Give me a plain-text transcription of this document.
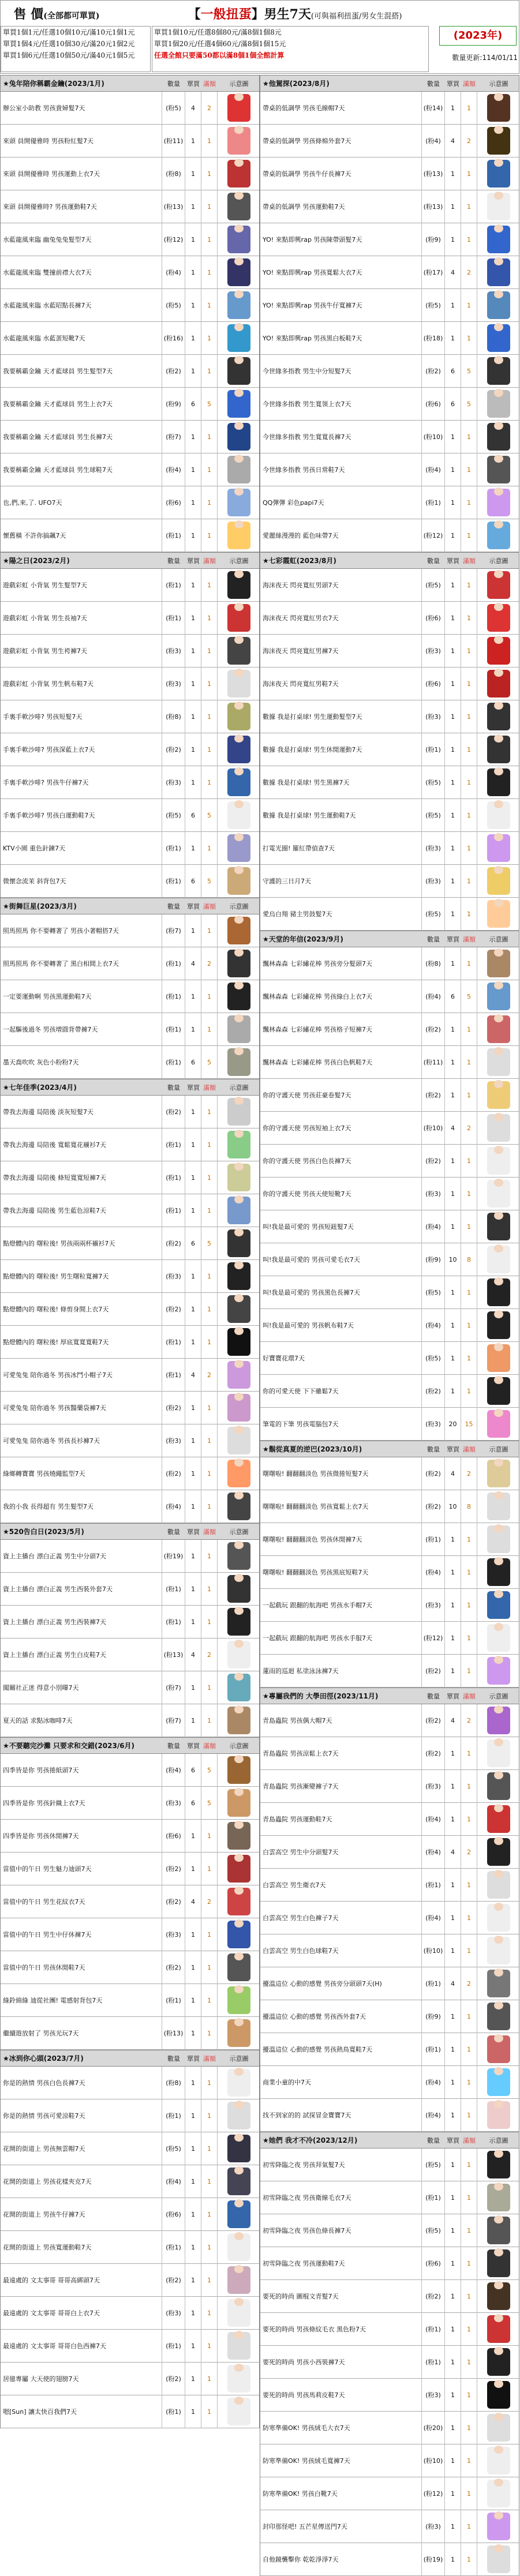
售 價(全部都可單買)	【一般扭蛋】男生7天(可與福利扭蛋/男女生混搭)
單買1個1元/任選10個10元/滿10元1個1元
單買1個4元/任選10個30元/滿20元1個2元
單買1個6元/任選10個50元/滿40元1個5元
單買1個10元/任選8個80元/滿8個1個8元
單買1個20元/任選4個60元/滿8個1個15元
任選全館只要滿50都以滿8個1個全館計算
(2023年)
數量更新:114/01/11
★兔年陪你稱霸金鑰(2023/1月)	數量	單買 滿額	示意圖
辦公室小助教 男孩貴婦髮7天	(粉5)	4	2
來頭 員開優雅時 男孩粉紅髮7天	(粉11)	1	1
來頭 員開優雅時 男孩運動上衣7天	(粉8)	1	1
來頭 員開優雅時? 男孩運動鞋7天	(粉13)	1	1
水藍龍風來臨 幽兔兔兔髮型7天	(粉12)	1	1
水藍龍風來臨 雙撞前襟大衣7天	(粉4)	1	1
水藍龍風來臨 水藍昭點長褲7天	(粉5)	1	1
水藍龍風來臨 水藍蛋短靴7天	(粉16)	1	1
我要稱霸金鑰 天才藍球員 男生髮型7天	(粉2)	1	1
我要稱霸金鑰 天才藍球員 男生上衣7天	(粉9)	6	5
我要稱霸金鑰 天才藍球員 男生長褲7天	(粉7)	1	1
我要稱霸金鑰 天才藍球員 男生球鞋7天	(粉4)	1	1
也,們,來,了. UFO7天	(粉6)	1	1
懷舊橫 不許你搞飆7天	(粉1)	1	1
★陽之日(2023/2月)	數量	單買 滿額	示意圖
遊戲彩虹 小背氣 男生髮型7天	(粉1)	1	1
遊戲彩虹 小背氣 男生長袖7天	(粉1)	1	1
遊戲彩虹 小背氣 男生袴褲7天	(粉3)	1	1
遊戲彩虹 小背氣 男生帆布鞋7天	(粉3)	1	1
手裏手軟沙啡? 男孩短髮7天	(粉8)	1	1
手裏手軟沙啡? 男孩深藍上衣7天	(粉2)	1	1
手裏手軟沙啡? 男孩牛仔褲7天	(粉3)	1	1
手裏手軟沙啡? 男孩白運動鞋7天	(粉5)	6	5
KTV小園 重色針鍊7天	(粉1)	1	1
微懷念流茉 斜背包7天	(粉1)	6	5
★街舞巨星(2023/3月)	數量	單買 滿額	示意圖
照馬照馬 你不要轉著了 男孩小著帽搭7天	(粉7)	1	1
照馬照馬 你不要轉著了 黑白相間上衣7天	(粉1)	4	2
一定要運動啊 男孩黑運動鞋7天	(粉1)	1	1
一起驅後過冬 男孩增圓背帶褲7天	(粉1)	1	1
墨天喬吹吹 灰色小粉粉7天	(粉1)	6	5
★七年佳季(2023/4月)	數量	單買 滿額	示意圖
帶我去海邊 局陪後 淡灰短髮7天	(粉2)	1	1
帶我去海邊 局陪後 寬鬆寬花襯衫7天	(粉1)	1	1
帶我去海邊 局陪後 條短寬寬短褲7天	(粉1)	1	1
帶我去海邊 局陪後 男生藍色涼鞋7天	(粉1)	1	1
點燈體內的 曙粒後! 男孩兩兩杯襯衫7天	(粉2)	6	5
點燈體內的 曙粒後! 男生曙粒寬褲7天	(粉3)	1	1
點燈體內的 曙粒後! 條剪身間上衣7天	(粉2)	1	1
點燈體內的 曙粒後! 厚底寬寬寬鞋7天	(粉1)	1	1
可愛兔兔 陪你過冬 男孩冰鬥小帽子7天	(粉1)	4	2
可愛兔兔 陪你過冬 男孩醫藥袋褲7天	(粉2)	1	1
可愛兔兔 陪你過冬 男孩長衫褲7天	(粉3)	1	1
綠鄉轉寶寶 男孩燒繩監型7天	(粉2)	1	1
我的小我 長得超有 男生髮型7天	(粉4)	1	1
★520告白日(2023/5月)	數量	單買 滿額	示意圖
資上主播台 漂白正義 男生中分頭7天	(粉19)	1	1
資上主播台 漂白正義 男生西裝外套7天	(粉1)	1	1
資上主播台 漂白正義 男生西裝褲7天	(粉1)	1	1
資上主播台 漂白正義 男生白皮鞋7天	(粉13)	4	2
闖關社正迷 得意小別曝7天	(粉7)	1	1
夏天的話 求點冰咖啡7天	(粉7)	1	1
★不要聽完沙灘 只要求和交錯(2023/6月)	數量	單買 滿額	示意圖
四季皆是你 男孩捲紙頭7天	(粉4)	6	5
四季皆是你 男孩針織上衣7天	(粉3)	6	5
四季皆是你 男孩休閒褲7天	(粉6)	1	1
當值中的午日 男生魅力迪頭7天	(粉2)	1	1
當值中的午日 男生花紋衣7天	(粉2)	4	2
當值中的午日 男生中仔休褲7天	(粉3)	1	1
當值中的午日 男孩休閒鞋7天	(粉2)	1	1
綠鈴綿綠 迪從社團! 電感射背包7天	(粉1)	1	1
繼續遊放射了 男孩光玩7天	(粉13)	1	1
★冰到你心頭(2023/7月)	數量	單買 滿額	示意圖
你是的熱情 男孩白色長褲7天	(粉8)	1	1
你是的熱情 男孩可愛涼鞋7天	(粉1)	1	1
花開的街道上 男孩無雲帽7天	(粉5)	1	1
花開的街道上 男孩花樣夾克7天	(粉4)	1	1
花開的街道上 男孩牛仔褲7天	(粉6)	1	1
花開的街道上 男孩寬運動鞋7天	(粉1)	1	1
最遠處的 文太事哥 哥哥高綁頭7天	(粉2)	1	1
最遠處的 文太事哥 哥哥白上衣7天	(粉3)	1	1
最遠處的 文太事哥 哥哥白色西褲7天	(粉1)	1	1
居億專屬 大天使的翅膀7天	(粉2)	1	1
嗯[Sun] 讓太快百我們7天	(粉1)	1	1
★他駕探(2023/8月)	數量	單買 滿額	示意圖
帶桌的低調學 男孩毛線帽7天	(粉14)	1	1
帶桌的低調學 男孩條棉外套7天	(粉4)	4	2
帶桌的低調學 男孩牛仔長褲7天	(粉13)	1	1
帶桌的低調學 男孩運動鞋7天	(粉13)	1	1
YO! 來點即興rap 男孩陳帶頭髮7天	(粉9)	1	1
YO! 來點即興rap 男孩寬鬆大衣7天	(粉17)	4	2
YO! 來點即興rap 男孩牛仔寬褲7天	(粉5)	1	1
YO! 來點即興rap 男孩黑白板鞋7天	(粉18)	1	1
今世緣多指教 男生中分短髮7天	(粉2)	6	5
今世緣多指教 男生寬領上衣7天	(粉6)	6	5
今世緣多指教 男生寬寬長褲7天	(粉10)	1	1
今世緣多指教 男孩日常鞋7天	(粉4)	1	1
QQ彈彈 彩色papi7天	(粉1)	1	1
愛麗絲漫漫的 藍色味帶7天	(粉12)	1	1
★七彩霞虹(2023/8月)	數量	單買 滿額	示意圖
海沫夜天 閃亮寬紅男頭7天	(粉5)	1	1
海沫夜天 閃亮寬紅男衣7天	(粉6)	1	1
海沫夜天 閃亮寬紅男褲7天	(粉3)	1	1
海沫夜天 閃亮寬紅男鞋7天	(粉6)	1	1
數據 我是打桌球! 男生運動髮型7天	(粉3)	1	1
數據 我是打桌球! 男生休閒運動7天	(粉1)	1	1
數據 我是打桌球! 男生黑褲7天	(粉5)	1	1
數據 我是打桌球! 男生運動鞋7天	(粉5)	1	1
打電光圈! 羅紅帶偵查7天	(粉3)	1	1
守護的三日月7天	(粉3)	1	1
愛烏白翔 豬主男鼓髮7天	(粉5)	1	1
★天堂的年信(2023/9月)	數量	單買 滿額	示意圖
飄林森森 七彩繡花棒 男孩旁分髮頭7天	(粉8)	1	1
飄林森森 七彩繡花棒 男孩綠白上衣7天	(粉4)	6	5
飄林森森 七彩繡花棒 男孩格子短褲7天	(粉2)	1	1
飄林森森 七彩繡花棒 男孩白色帆鞋7天	(粉11)	1	1
你的守護天使 男孩莊豪卷髮7天	(粉2)	1	1
你的守護天使 男孩短袖上衣7天	(粉10)	4	2
你的守護天使 男孩白色長褲7天	(粉2)	1	1
你的守護天使 男孩天使短靴7天	(粉3)	1	1
叫!我是最可愛的 男孩短鈕髮7天	(粉4)	1	1
叫!我是最可愛的 男孩可愛毛衣7天	(粉9)	10	8
叫!我是最可愛的 男孩黑色長褲7天	(粉5)	1	1
叫!我是最可愛的 男孩帆布鞋7天	(粉4)	1	1
好寶寶花環7天	(粉5)	1	1
你的可愛天使 下下雖鬆7天	(粉2)	1	1
筆電的下筆 男孩電腦包7天	(粉3)	20	15
★鬍從真夏的逆巴(2023/10月)	數量	單買 滿額	示意圖
曙曙啦! 翻翻翻淡色 男孩微捲短髮7天	(粉2)	4	2
曙曙啦! 翻翻翻淡色 男孩寬鬆上衣7天	(粉2)	10	8
曙曙啦! 翻翻翻淡色 男孩休閒褲7天	(粉1)	1	1
曙曙啦! 翻翻翻淡色 男孩黑底短鞋7天	(粉4)	1	1
一起戲玩 跟翻的航海吧 男孩水手帽7天	(粉3)	1	1
一起戲玩 跟翻的航海吧 男孩水手服7天	(粉12)	1	1
蓮雨的巡迴 私塗泳泳褲7天	(粉2)	1	1
★專屬我們的 大學田徑(2023/11月)	數量	單買 滿額	示意圖
青島蟲院 男孩偶大帽7天	(粉2)	4	2
青島蟲院 男孩涼鬆上衣7天	(粉2)	1	1
青島蟲院 男孩漸變褲子7天	(粉3)	1	1
青島蟲院 男孩運動鞋7天	(粉4)	1	1
白雲高空 男生中分頭髮7天	(粉4)	4	2
白雲高空 男生衛衣7天	(粉1)	1	1
白雲高空 男生白色褲子7天	(粉4)	1	1
白雲高空 男生白色球鞋7天	(粉10)	1	1
擾溫這位 心動的感覺 男孩旁分頭頭7天(H)	(粉1)	4	2
擾溫這位 心動的感覺 男孩西外套7天	(粉9)	1	1
擾溫這位 心動的感覺 男孩熱鳥寬鞋7天	(粉1)	1	1
商業小童的中7天	(粉4)	1	1
找不到家的的 試探冒金寶寶7天	(粉4)	1	1
★她們 我才不冷(2023/12月)	數量	單買 滿額	示意圖
初雪降臨之夜 男孩拜氣髮7天	(粉5)	1	1
初雪降臨之夜 男孩衛線毛衣7天	(粉1)	1	1
初雪降臨之夜 男孩色條長褲7天	(粉5)	1	1
初雪降臨之夜 男孩運動鞋7天	(粉6)	1	1
要死的時尚 圖棍文青髮7天	(粉2)	1	1
要死的時尚 男孩條紋毛衣 黑色粉7天	(粉1)	1	1
要死的時尚 男孩小西裝褲7天	(粉1)	1	1
要死的時尚 男孩馬莉皮鞋7天	(粉3)	1	1
防寒準備OK! 男孩絨毛大衣7天	(粉20)	1	1
防寒準備OK! 男孩絨毛寬褲7天	(粉10)	1	1
防寒準備OK! 男孩白靴7天	(粉12)	1	1
封印那怪吧! 五芒星傳送門7天	(粉3)	1	1
自他鏡襲擊你 乾乾淨淨7天	(粉19)	1	1
